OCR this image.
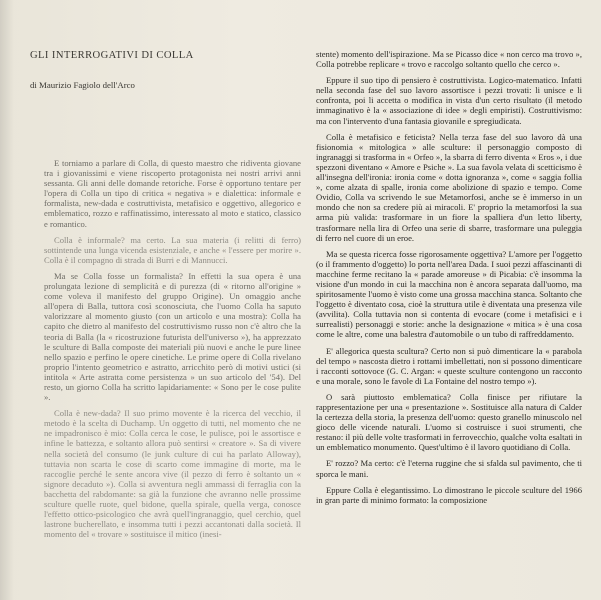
GLI INTERROGATIVI DI COLLA
di Maurizio Fagiolo dell'Arco

E torniamo a parlare di Colla, di questo maestro che ridiventa giovane tra i giovanissimi e viene riscoperto protagonista nei nostri arrivi anni sessanta. Gli anni delle domande retoriche. Forse è opportuno tentare per l'opera di Colla un tipo di critica « negativa » e dialettica: informale e formalista, new-dada e costruttivista, metafisico e oggettivo, allegorico e emblematico, rozzo e raffinatissimo, interessato al moto e statico, classico e romantico.

Colla è informale? ma certo. La sua materia (i relitti di ferro) sottintende una lunga vicenda esistenziale, e anche « l'essere per morire ». Colla è il compagno di strada di Burri e di Mannucci.

Ma se Colla fosse un formalista? In effetti la sua opera è una prolungata lezione di semplicità e di purezza (di « ritorno all'origine » come voleva il manifesto del gruppo Origine). Un omaggio anche all'opera di Balla, tuttora così sconosciuta, che l'uomo Colla ha saputo valorizzare al momento giusto (con un articolo e una mostra): Colla ha capito che dietro al manifesto del costruttivismo russo non c'è altro che la teoria di Balla (la « ricostruzione futurista dell'universo »), ha apprezzato le sculture di Balla composte dei materiali più nuovi e anche le pure linee nello spazio e perfino le opere cinetiche. Le prime opere di Colla rivelano proprio l'intento geometrico e astratto, arricchito però di motivi ustici (si intitola « Arte astratta come persistenza » un suo articolo del '54). Del resto, un giorno Colla ha scritto lapidariamente: « Sono per le cose pulite ».

Colla è new-dada? Il suo primo movente è la ricerca del vecchio, il metodo è la scelta di Duchamp. Un oggetto di tutti, nel momento che ne ne impadronisco è mio: Colla cerca le cose, le pulisce, poi le assortisce e infine le battezza, e soltanto allora può sentirsi « creatore ». Sa di vivere nella società del consumo (le junk culture di cui ha parlato Alloway), tuttavia non scarta le cose di scarto come immagine di morte, ma le raccoglie perché le sente ancora vive (il pezzo di ferro è soltanto un « signore decaduto »). Colla si avventura negli ammassi di ferraglia con la bacchetta del rabdomante: sa già la funzione che avranno nelle prossime sculture quelle ruote, quel bidone, quella spirale, quella verga, conosce l'effetto ottico-psicologico che avrà quell'ingranaggio, quel cerchio, quel lastrone bucherellato, e insomma tutti i pezzi accantonati dalla società. Il momento del « trovare » sostituisce il mitico (inesi-

stente) momento dell'ispirazione. Ma se Picasso dice « non cerco ma trovo », Colla potrebbe replicare « trovo e raccolgo soltanto quello che cerco ».

Eppure il suo tipo di pensiero è costruttivista. Logico-matematico. Infatti nella seconda fase del suo lavoro assortisce i pezzi trovati: li unisce e li confronta, poi li accetta o modifica in vista d'un certo risultato (il metodo immaginativo è la « associazione di idee » degli empiristi). Costruttivismo: ma con l'intervento d'una fantasia giovanile e spregiudicata.

Colla è metafisico e feticista? Nella terza fase del suo lavoro dà una fisionomia « mitologica » alle sculture: il personaggio composto di ingranaggi si trasforma in « Orfeo », la sbarra di ferro diventa « Eros », i due spezzoni diventano « Amore e Psiche ». La sua favola velata di scetticismo è all'insegna dell'ironia: ironia come « dotta ignoranza », come « saggia follia », come alzata di spalle, ironia come abolizione di spazio e tempo. Come Ovidio, Colla va scrivendo le sue Metamorfosi, anche se è immerso in un mondo che non sa credere più ai miracoli. E' proprio la metamorfosi la sua arma più valida: trasformare in un fiore la spalliera d'un letto liberty, trasformare nella lira di Orfeo una serie di sbarre, trasformare una puleggia di ferro nel cuore di un eroe.

Ma se questa ricerca fosse rigorosamente oggettiva? L'amore per l'oggetto (o il frammento d'oggetto) lo porta nell'area Dada. I suoi pezzi affascinanti di macchine ferme recitano la « parade amoreuse » di Picabia: c'è insomma la visione d'un mondo in cui la macchina non è ancora separata dall'uomo, ma spiritosamente l'uomo è visto come una grossa macchina stanca. Soltanto che l'oggetto è diventato cosa, cioè la struttura utile è diventata una presenza vile (avvilita). Colla tuttavia non si contenta di evocare (come i metafisici e i surrealisti) personaggi e storie: anche la designazione « mitica » è una cosa come le altre, come una balestra d'automobile o un tubo di raffreddamento.

E' allegorica questa scultura? Certo non si può dimenticare la « parabola del tempo » nascosta dietro i rottami imbellettati, non si possono dimenticare i racconti sottovoce (G. C. Argan: « queste sculture contengono un racconto e una morale, sono le favole di La Fontaine del nostro tempo »).

O sarà piuttosto emblematica? Colla finisce per rifiutare la rappresentazione per una « presentazione ». Sostituisce alla natura di Calder la certezza della storia, la presenza dell'uomo: questo granello minuscolo nel gioco delle vicende naturali. L'uomo si costruisce i suoi strumenti, che restano: il più delle volte trasformati in ferrovecchio, qualche volta esaltati in un emblematico monumento. Quest'ultimo è il lavoro quotidiano di Colla.

E' rozzo? Ma certo: c'è l'eterna ruggine che si sfalda sul pavimento, che ti sporca le mani.

Eppure Colla è elegantissimo. Lo dimostrano le piccole sculture del 1966 in gran parte di minimo formato: la composizione
